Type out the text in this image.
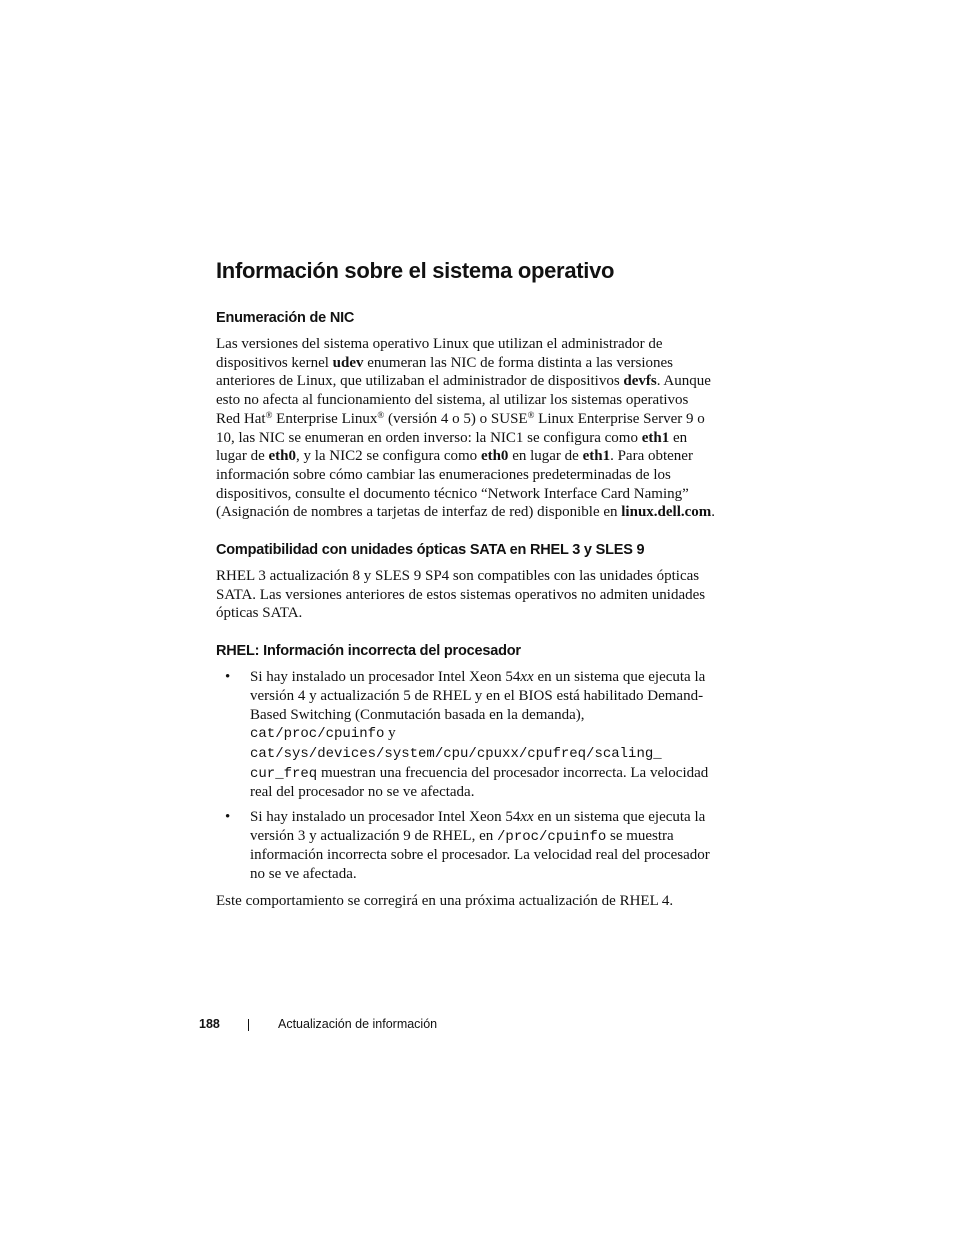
Información sobre el sistema operativo
Enumeración de NIC

Las versiones del sistema operativo Linux que utilizan el administrador de dispositivos kernel udev enumeran las NIC de forma distinta a las versiones anteriores de Linux, que utilizaban el administrador de dispositivos devfs. Aunque esto no afecta al funcionamiento del sistema, al utilizar los sistemas operativos Red Hat® Enterprise Linux® (versión 4 o 5) o SUSE® Linux Enterprise Server 9 o 10, las NIC se enumeran en orden inverso: la NIC1 se configura como eth1 en lugar de eth0, y la NIC2 se configura como eth0 en lugar de eth1. Para obtener información sobre cómo cambiar las enumeraciones predeterminadas de los dispositivos, consulte el documento técnico “Network Interface Card Naming” (Asignación de nombres a tarjetas de interfaz de red) disponible en linux.dell.com.

Compatibilidad con unidades ópticas SATA en RHEL 3 y SLES 9

RHEL 3 actualización 8 y SLES 9 SP4 son compatibles con las unidades ópticas SATA. Las versiones anteriores de estos sistemas operativos no admiten unidades ópticas SATA.

RHEL: Información incorrecta del procesador
• Si hay instalado un procesador Intel Xeon 54xx en un sistema que ejecuta la versión 4 y actualización 5 de RHEL y en el BIOS está habilitado Demand-Based Switching (Conmutación basada en la demanda),
cat/proc/cpuinfo y
cat/sys/devices/system/cpu/cpuxx/cpufreq/scaling_
cur_freq muestran una frecuencia del procesador incorrecta. La velocidad real del procesador no se ve afectada.
• Si hay instalado un procesador Intel Xeon 54xx en un sistema que ejecuta la versión 3 y actualización 9 de RHEL, en /proc/cpuinfo se muestra información incorrecta sobre el procesador. La velocidad real del procesador no se ve afectada.

Este comportamiento se corregirá en una próxima actualización de RHEL 4.

188	Actualización de información
